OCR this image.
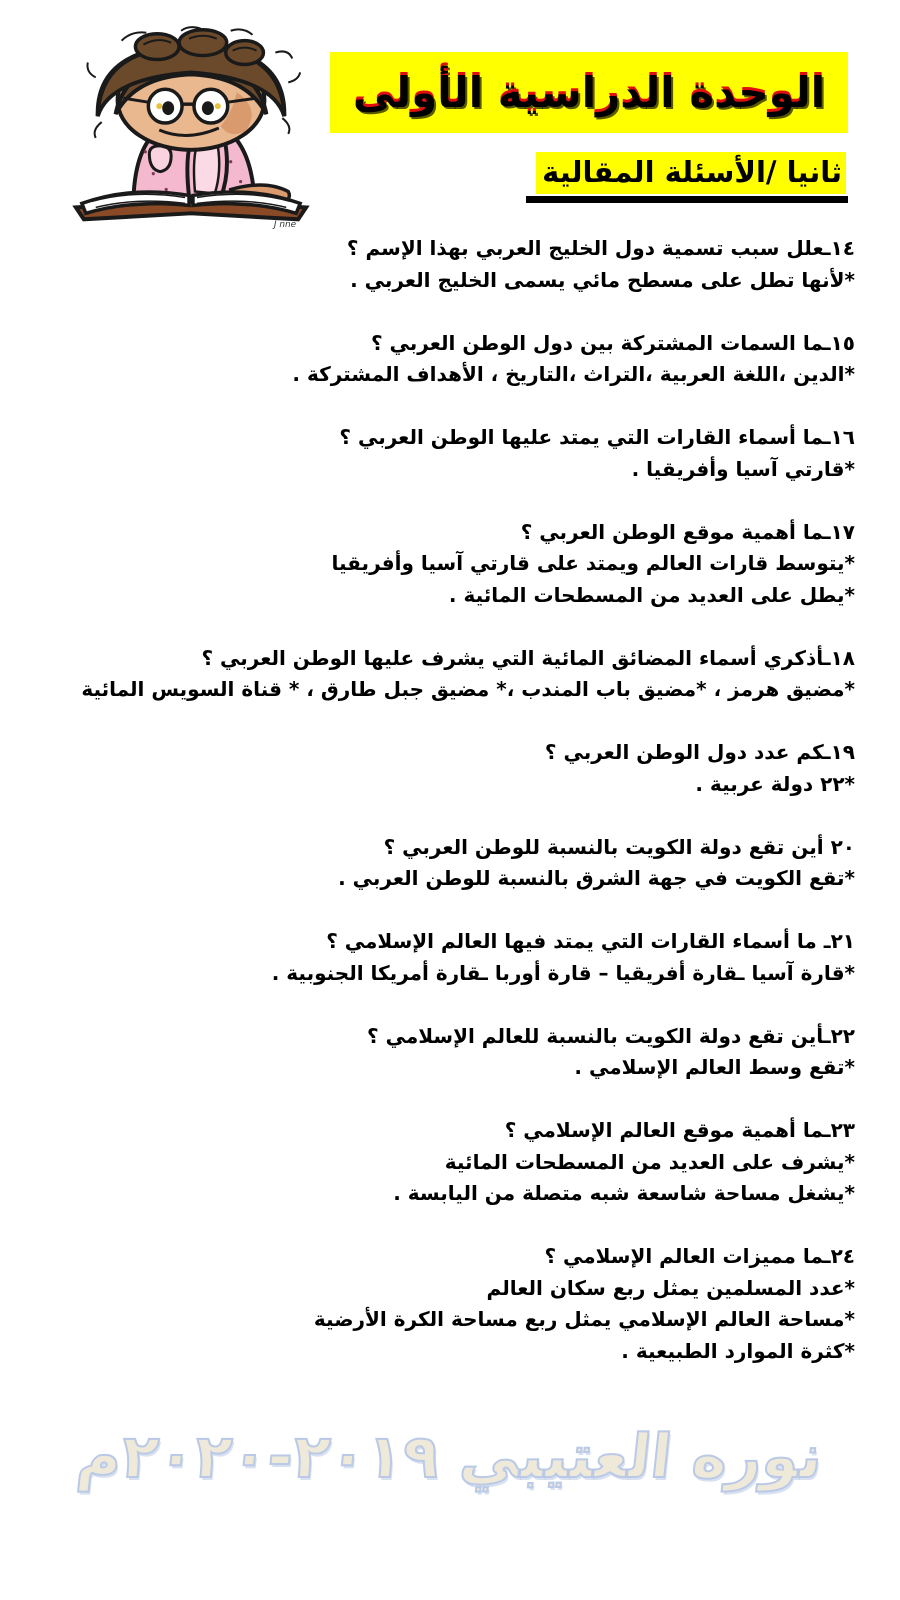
J nne
الوحدة الدراسية الأولى
ثانيا /الأسئلة المقالية
١٤ـعلل سبب تسمية دول الخليج العربي بهذا الإسم ؟
*لأنها تطل على مسطح مائي يسمى الخليج العربي .
١٥ـما السمات المشتركة بين دول الوطن العربي ؟
*الدين ،اللغة العربية ،التراث ،التاريخ ، الأهداف المشتركة .
١٦ـما أسماء القارات التي يمتد عليها الوطن العربي ؟
*قارتي آسيا وأفريقيا .
١٧ـما أهمية موقع الوطن العربي ؟
*يتوسط قارات العالم ويمتد على قارتي آسيا وأفريقيا
*يطل على العديد من المسطحات المائية .
١٨ـأذكري أسماء المضائق المائية التي يشرف عليها الوطن العربي ؟
*مضيق هرمز ، *مضيق باب المندب ،* مضيق جبل طارق ، * قناة السويس المائية
١٩ـكم عدد دول الوطن العربي ؟
*٢٢ دولة عربية .
٢٠ أين تقع دولة الكويت بالنسبة للوطن العربي ؟
*تقع الكويت في جهة الشرق بالنسبة للوطن العربي .
٢١ـ ما أسماء القارات التي يمتد فيها العالم الإسلامي ؟
*قارة آسيا ـقارة أفريقيا – قارة أوربا ـقارة أمريكا الجنوبية .
٢٢ـأين تقع دولة الكويت بالنسبة للعالم الإسلامي ؟
*تقع وسط العالم الإسلامي .
٢٣ـما أهمية موقع العالم الإسلامي ؟
*يشرف على العديد من المسطحات المائية
*يشغل مساحة شاسعة شبه متصلة من اليابسة .
٢٤ـما مميزات العالم الإسلامي ؟
*عدد المسلمين يمثل ربع سكان العالم
*مساحة العالم الإسلامي يمثل ربع مساحة الكرة الأرضية
*كثرة الموارد الطبيعية .
نوره العتيبي ٢٠١٩-٢٠٢٠م
